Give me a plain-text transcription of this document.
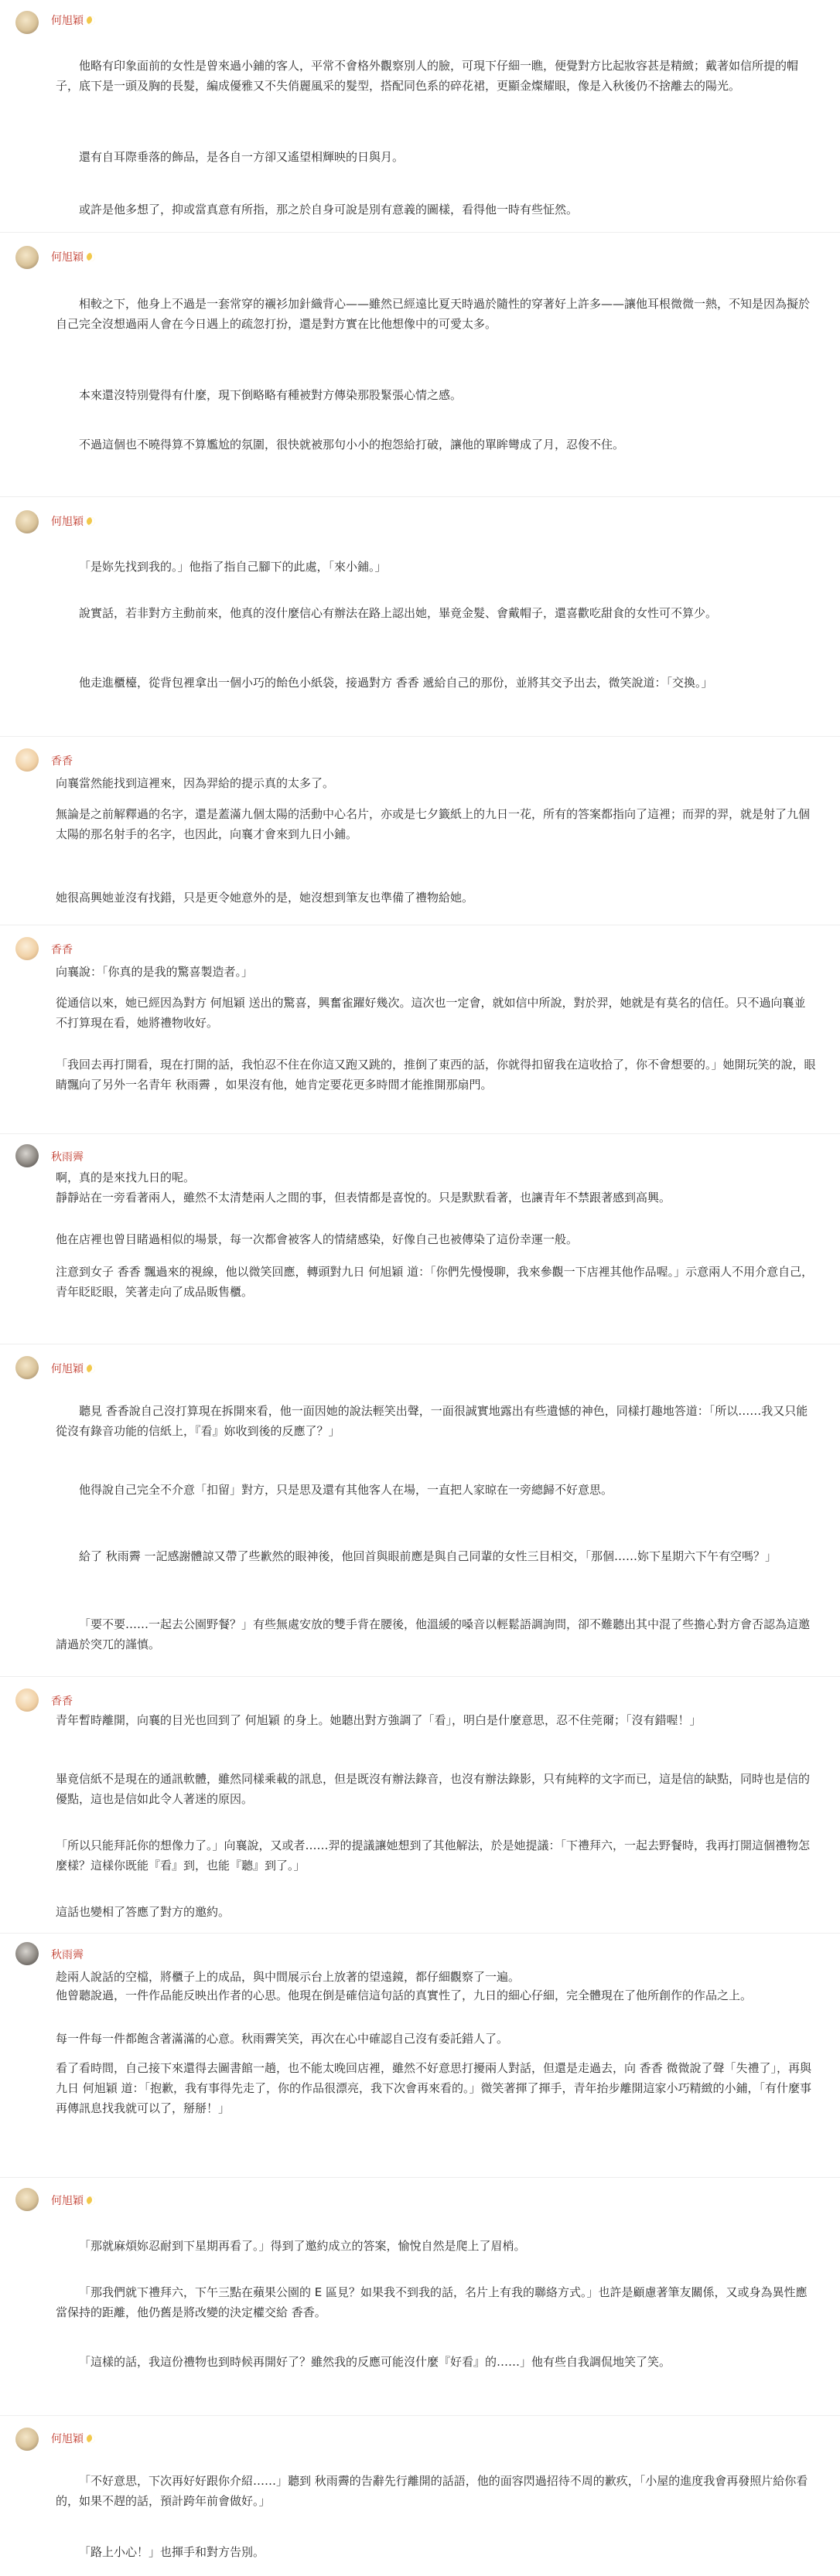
何旭穎

他略有印象面前的女性是曾來過小鋪的客人，平常不會格外觀察別人的臉，可現下仔細一瞧，便覺對方比起妝容甚是精緻；戴著如信所提的帽子，底下是一頭及胸的長髮，編成優雅又不失俏麗風采的髮型，搭配同色系的碎花裙，更顯金燦耀眼，像是入秋後仍不捨離去的陽光。

還有自耳際垂落的飾品，是各自一方卻又遙望相輝映的日與月。

或許是他多想了，抑或當真意有所指，那之於自身可說是別有意義的圖樣，看得他一時有些怔然。

何旭穎

相較之下，他身上不過是一套常穿的襯衫加針織背心——雖然已經遠比夏天時過於隨性的穿著好上許多——讓他耳根微微一熱，不知是因為擬於自己完全沒想過兩人會在今日遇上的疏忽打扮，還是對方實在比他想像中的可愛太多。

本來還沒特別覺得有什麼，現下倒略略有種被對方傳染那股緊張心情之感。

不過這個也不曉得算不算尷尬的氛圍，很快就被那句小小的抱怨給打破，讓他的單眸彎成了月，忍俊不住。

何旭穎

「是妳先找到我的。」他指了指自己腳下的此處，「來小鋪。」

說實話，若非對方主動前來，他真的沒什麼信心有辦法在路上認出她，畢竟金髮、會戴帽子，還喜歡吃甜食的女性可不算少。

他走進櫃檯，從背包裡拿出一個小巧的飴色小紙袋，接過對方 香香 遞給自己的那份，並將其交予出去，微笑說道：「交換。」

香香

向襄當然能找到這裡來，因為羿給的提示真的太多了。

無論是之前解釋過的名字，還是蓋滿九個太陽的活動中心名片，亦或是七夕籤紙上的九日一花，所有的答案都指向了這裡；而羿的羿，就是射了九個太陽的那名射手的名字，也因此，向襄才會來到九日小鋪。

她很高興她並沒有找錯，只是更令她意外的是，她沒想到筆友也準備了禮物給她。

香香

向襄說：「你真的是我的驚喜製造者。」

從通信以來，她已經因為對方 何旭穎 送出的驚喜，興奮雀躍好幾次。這次也一定會，就如信中所說，對於羿，她就是有莫名的信任。只不過向襄並不打算現在看，她將禮物收好。

「我回去再打開看，現在打開的話，我怕忍不住在你這又跑又跳的，推倒了東西的話，你就得扣留我在這收拾了，你不會想要的。」她開玩笑的說，眼睛飄向了另外一名青年 秋雨霽 ，如果沒有他，她肯定要花更多時間才能推開那扇門。

秋雨霽

啊，真的是來找九日的呢。

靜靜站在一旁看著兩人，雖然不太清楚兩人之間的事，但表情都是喜悅的。只是默默看著，也讓青年不禁跟著感到高興。

他在店裡也曾目睹過相似的場景，每一次都會被客人的情緒感染，好像自己也被傳染了這份幸運一般。

注意到女子 香香 飄過來的視線，他以微笑回應，轉頭對九日 何旭穎 道：「你們先慢慢聊，我來參觀一下店裡其他作品喔。」示意兩人不用介意自己，青年眨眨眼，笑著走向了成品販售櫃。

何旭穎

聽見 香香說自己沒打算現在拆開來看，他一面因她的說法輕笑出聲，一面很誠實地露出有些遺憾的神色，同樣打趣地答道：「所以……我又只能從沒有錄音功能的信紙上，『看』妳收到後的反應了？」

他得說自己完全不介意「扣留」對方，只是思及還有其他客人在場，一直把人家晾在一旁總歸不好意思。

給了 秋雨霽 一記感謝體諒又帶了些歉然的眼神後，他回首與眼前應是與自己同輩的女性三目相交，「那個……妳下星期六下午有空嗎？」

「要不要……一起去公園野餐？」有些無處安放的雙手背在腰後，他溫緩的嗓音以輕鬆語調詢問，卻不難聽出其中混了些擔心對方會否認為這邀請過於突兀的謹慎。

香香

青年暫時離開，向襄的目光也回到了 何旭穎 的身上。她聽出對方強調了「看」，明白是什麼意思，忍不住莞爾；「沒有錯喔！」

畢竟信紙不是現在的通訊軟體，雖然同樣乘載的訊息，但是既沒有辦法錄音，也沒有辦法錄影，只有純粹的文字而已，這是信的缺點，同時也是信的優點，這也是信如此令人著迷的原因。

「所以只能拜託你的想像力了。」向襄說，又或者……羿的提議讓她想到了其他解法，於是她提議：「下禮拜六，一起去野餐時，我再打開這個禮物怎麼樣？這樣你既能『看』到，也能『聽』到了。」

這話也變相了答應了對方的邀約。

秋雨霽

趁兩人說話的空檔，將櫃子上的成品，與中間展示台上放著的望遠鏡，都仔細觀察了一遍。

他曾聽說過，一件作品能反映出作者的心思。他現在倒是確信這句話的真實性了，九日的細心仔細，完全體現在了他所創作的作品之上。

每一件每一件都飽含著滿滿的心意。秋雨霽笑笑，再次在心中確認自己沒有委託錯人了。

看了看時間，自己接下來還得去圖書館一趟，也不能太晚回店裡，雖然不好意思打擾兩人對話，但還是走過去，向 香香 微微說了聲「失禮了」，再與九日 何旭穎 道：「抱歉，我有事得先走了，你的作品很漂亮，我下次會再來看的。」微笑著揮了揮手，青年抬步離開這家小巧精緻的小鋪，「有什麼事再傳訊息找我就可以了，掰掰！」

何旭穎

「那就麻煩妳忍耐到下星期再看了。」得到了邀約成立的答案，愉悅自然是爬上了眉梢。

「那我們就下禮拜六，下午三點在蘋果公園的 E 區見？如果我不到我的話，名片上有我的聯絡方式。」也許是顧慮著筆友關係，又或身為異性應當保持的距離，他仍舊是將改變的決定權交給 香香。

「這樣的話，我這份禮物也到時候再開好了？雖然我的反應可能沒什麼『好看』的……」他有些自我調侃地笑了笑。

何旭穎

「不好意思，下次再好好跟你介紹……」聽到 秋雨霽的告辭先行離開的話語，他的面容閃過招待不周的歉疚，「小屋的進度我會再發照片給你看的，如果不趕的話，預計跨年前會做好。」

「路上小心！」也揮手和對方告別。
